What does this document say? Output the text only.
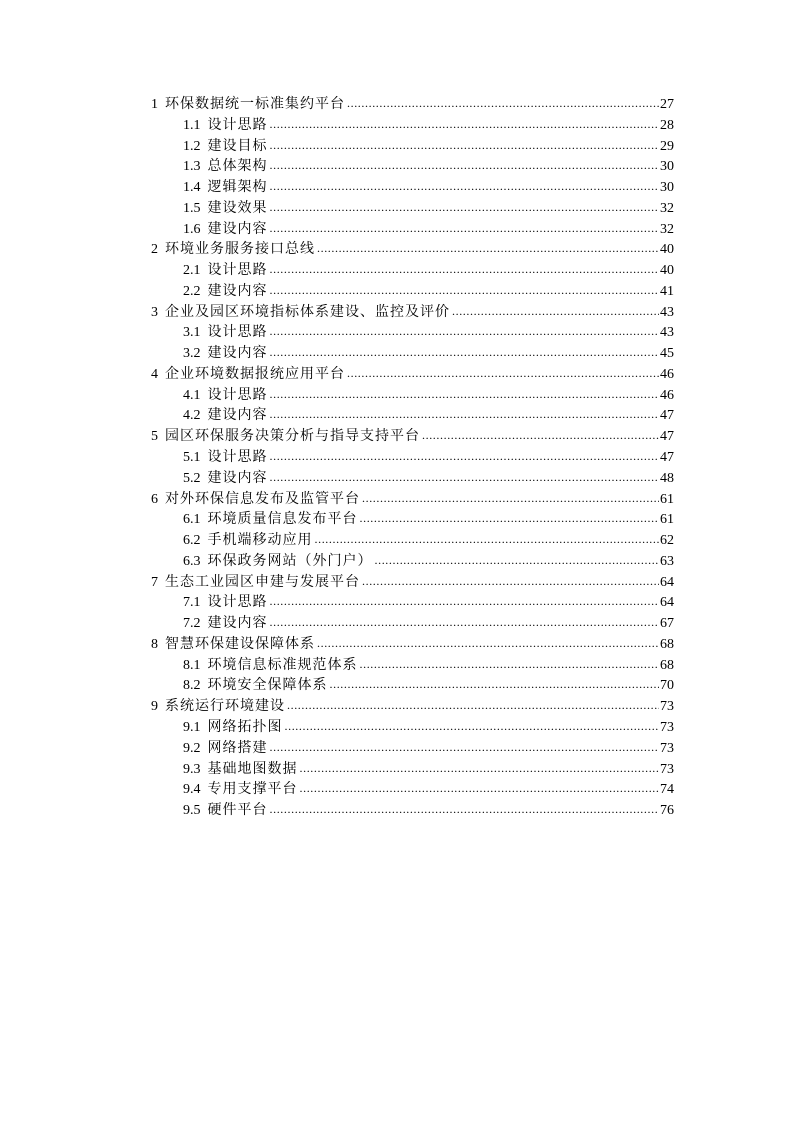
1 环保数据统一标准集约平台 .....	27
1.1 设计思路 .....	28
1.2 建设目标 .....	29
1.3 总体架构 .....	30
1.4 逻辑架构 .....	30
1.5 建设效果 .....	32
1.6 建设内容 .....	32
2 环境业务服务接口总线 .....	40
2.1 设计思路 .....	40
2.2 建设内容 .....	41
3 企业及园区环境指标体系建设、监控及评价 .....	43
3.1 设计思路 .....	43
3.2 建设内容 .....	45
4 企业环境数据报统应用平台 .....	46
4.1 设计思路 .....	46
4.2 建设内容 .....	47
5 园区环保服务决策分析与指导支持平台 .....	47
5.1 设计思路 .....	47
5.2 建设内容 .....	48
6 对外环保信息发布及监管平台 .....	61
6.1 环境质量信息发布平台 .....	61
6.2 手机端移动应用 .....	62
6.3 环保政务网站（外门户） .....	63
7 生态工业园区申建与发展平台 .....	64
7.1 设计思路 .....	64
7.2 建设内容 .....	67
8 智慧环保建设保障体系 .....	68
8.1 环境信息标准规范体系 .....	68
8.2 环境安全保障体系 .....	70
9 系统运行环境建设 .....	73
9.1 网络拓扑图 .....	73
9.2 网络搭建 .....	73
9.3 基础地图数据 .....	73
9.4 专用支撑平台 .....	74
9.5 硬件平台 .....	76
